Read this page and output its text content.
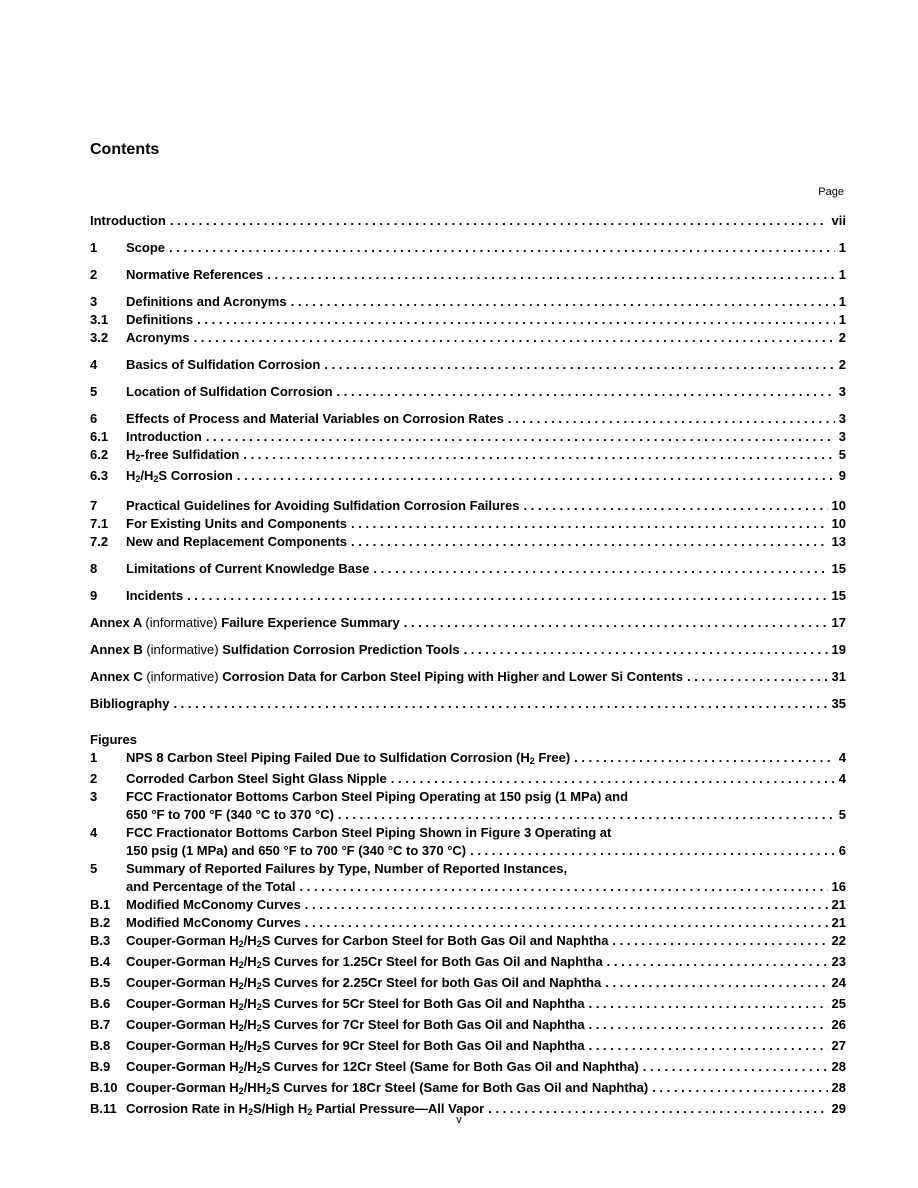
Contents
Page
Introduction . . .	vii
1	Scope . . .	1
2	Normative References . . .	1
3	Definitions and Acronyms . . .	1
3.1	Definitions . . .	1
3.2	Acronyms . . .	2
4	Basics of Sulfidation Corrosion . . .	2
5	Location of Sulfidation Corrosion . . .	3
6	Effects of Process and Material Variables on Corrosion Rates . . .	3
6.1	Introduction . . .	3
6.2	$H_2$-free Sulfidation . . .	5
6.3	$H_2/H_2S$ Corrosion . . .	9
7	Practical Guidelines for Avoiding Sulfidation Corrosion Failures . . .	10
7.1	For Existing Units and Components . . .	10
7.2	New and Replacement Components . . .	13
8	Limitations of Current Knowledge Base . . .	15
9	Incidents . . .	15
Annex A (informative) Failure Experience Summary . . .	17
Annex B (informative) Sulfidation Corrosion Prediction Tools . . .	19
Annex C (informative) Corrosion Data for Carbon Steel Piping with Higher and Lower Si Contents . . .	31
Bibliography . . .	35
Figures
1	NPS 8 Carbon Steel Piping Failed Due to Sulfidation Corrosion ($H_2$ Free) . . .	4
2	Corroded Carbon Steel Sight Glass Nipple . . .	4
3	FCC Fractionator Bottoms Carbon Steel Piping Operating at 150 psig (1 MPa) and
650 °F to 700 °F (340 °C to 370 °C) . . .	5
4	FCC Fractionator Bottoms Carbon Steel Piping Shown in Figure 3 Operating at
150 psig (1 MPa) and 650 °F to 700 °F (340 °C to 370 °C) . . .	6
5	Summary of Reported Failures by Type, Number of Reported Instances,
and Percentage of the Total . . .	16
B.1	Modified McConomy Curves . . .	21
B.2	Modified McConomy Curves . . .	21
B.3	Couper-Gorman $H_2/H_2S$ Curves for Carbon Steel for Both Gas Oil and Naphtha . . .	22
B.4	Couper-Gorman $H_2/H_2S$ Curves for 1.25Cr Steel for Both Gas Oil and Naphtha . . .	23
B.5	Couper-Gorman $H_2/H_2S$ Curves for 2.25Cr Steel for both Gas Oil and Naphtha . . .	24
B.6	Couper-Gorman $H_2/H_2S$ Curves for 5Cr Steel for Both Gas Oil and Naphtha . . .	25
B.7	Couper-Gorman $H_2/H_2S$ Curves for 7Cr Steel for Both Gas Oil and Naphtha . . .	26
B.8	Couper-Gorman $H_2/H_2S$ Curves for 9Cr Steel for Both Gas Oil and Naphtha . . .	27
B.9	Couper-Gorman $H_2/H_2S$ Curves for 12Cr Steel (Same for Both Gas Oil and Naphtha) . . .	28
B.10 Couper-Gorman $H_2/HH_2S$ Curves for 18Cr Steel (Same for Both Gas Oil and Naphtha) . . .	28
B.11 Corrosion Rate in $H_2S$/High $H_2$ Partial Pressure—All Vapor . . .	29
v
